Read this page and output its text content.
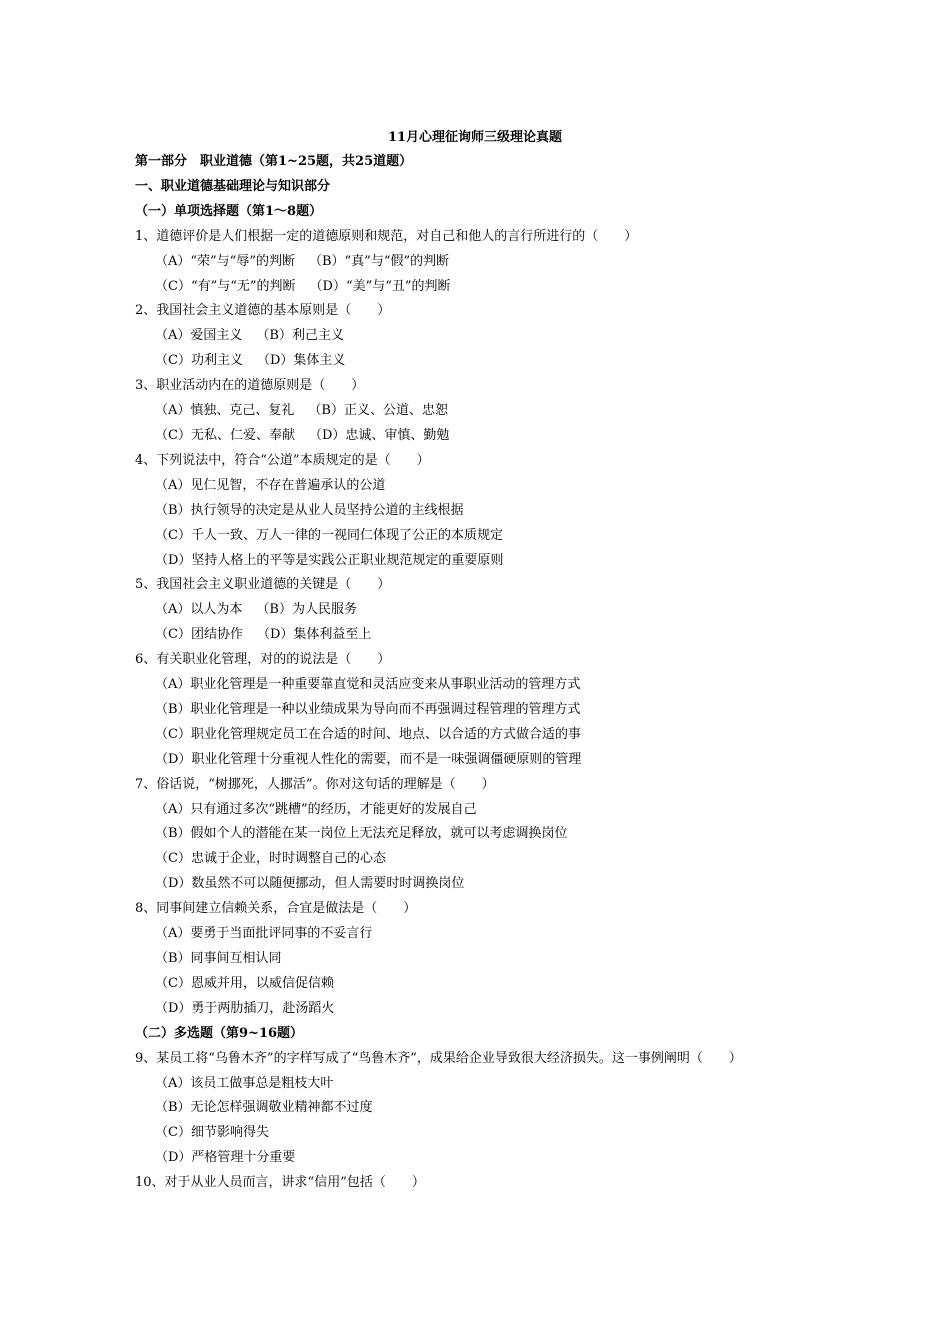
11月心理征询师三级理论真题
第一部分　职业道德（第1~25题，共25道题）
一、职业道德基础理论与知识部分
（一）单项选择题（第1～8题）
1、道德评价是人们根据一定的道德原则和规范，对自己和他人的言行所进行的（　　）
（A）“荣”与“辱”的判断 （B）“真”与“假”的判断
（C）“有”与“无”的判断 （D）“美”与“丑”的判断
2、我国社会主义道德的基本原则是（　　）
（A）爱国主义 （B）利己主义
（C）功利主义 （D）集体主义
3、职业活动内在的道德原则是（　　）
（A）慎独、克己、复礼 （B）正义、公道、忠恕
（C）无私、仁爱、奉献 （D）忠诚、审慎、勤勉
4、下列说法中，符合“公道”本质规定的是（　　）
（A）见仁见智，不存在普遍承认的公道
（B）执行领导的决定是从业人员坚持公道的主线根据
（C）千人一致、万人一律的一视同仁体现了公正的本质规定
（D）坚持人格上的平等是实践公正职业规范规定的重要原则
5、我国社会主义职业道德的关键是（　　）
（A）以人为本 （B）为人民服务
（C）团结协作 （D）集体利益至上
6、有关职业化管理，对的的说法是（　　）
（A）职业化管理是一种重要靠直觉和灵活应变来从事职业活动的管理方式
（B）职业化管理是一种以业绩成果为导向而不再强调过程管理的管理方式
（C）职业化管理规定员工在合适的时间、地点、以合适的方式做合适的事
（D）职业化管理十分重视人性化的需要，而不是一味强调僵硬原则的管理
7、俗话说，“树挪死，人挪活”。你对这句话的理解是（　　）
（A）只有通过多次“跳槽”的经历，才能更好的发展自己
（B）假如个人的潜能在某一岗位上无法充足释放，就可以考虑调换岗位
（C）忠诚于企业，时时调整自己的心态
（D）数虽然不可以随便挪动，但人需要时时调换岗位
8、同事间建立信赖关系，合宜是做法是（　　）
（A）要勇于当面批评同事的不妥言行
（B）同事间互相认同
（C）恩威并用，以威信促信赖
（D）勇于两肋插刀，赴汤蹈火
（二）多选题（第9~16题）
9、某员工将“乌鲁木齐”的字样写成了“鸟鲁木齐”，成果给企业导致很大经济损失。这一事例阐明（　　）
（A）该员工做事总是粗枝大叶
（B）无论怎样强调敬业精神都不过度
（C）细节影响得失
（D）严格管理十分重要
10、对于从业人员而言，讲求“信用”包括（　　）
